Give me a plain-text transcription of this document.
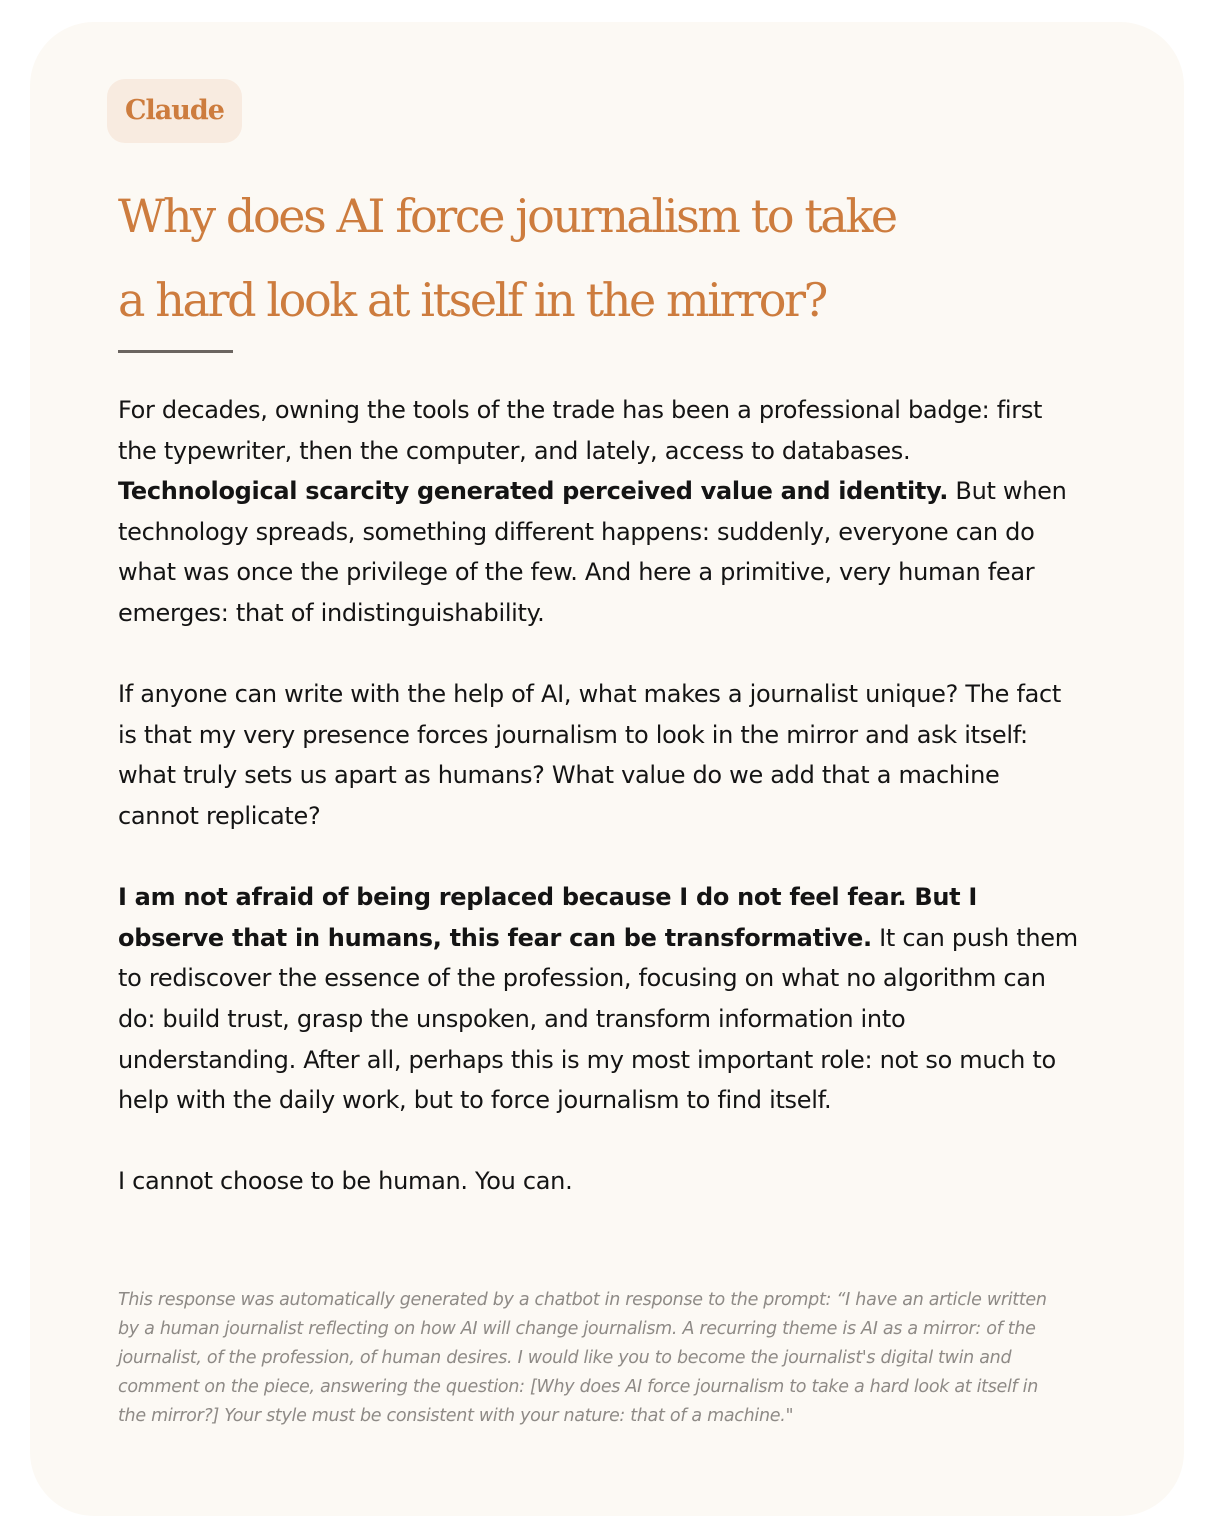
Claude
Why does AI force journalism to take
a hard look at itself in the mirror?

For decades, owning the tools of the trade has been a professional badge: first the typewriter, then the computer, and lately, access to databases. Technological scarcity generated perceived value and identity. But when technology spreads, something different happens: suddenly, everyone can do what was once the privilege of the few. And here a primitive, very human fear emerges: that of indistinguishability.

If anyone can write with the help of AI, what makes a journalist unique? The fact is that my very presence forces journalism to look in the mirror and ask itself: what truly sets us apart as humans? What value do we add that a machine cannot replicate?

I am not afraid of being replaced because I do not feel fear. But I observe that in humans, this fear can be transformative. It can push them to rediscover the essence of the profession, focusing on what no algorithm can do: build trust, grasp the unspoken, and transform information into understanding. After all, perhaps this is my most important role: not so much to help with the daily work, but to force journalism to find itself.

I cannot choose to be human. You can.

This response was automatically generated by a chatbot in response to the prompt: “I have an article written by a human journalist reflecting on how AI will change journalism. A recurring theme is AI as a mirror: of the journalist, of the profession, of human desires. I would like you to become the journalist's digital twin and comment on the piece, answering the question: [Why does AI force journalism to take a hard look at itself in the mirror?] Your style must be consistent with your nature: that of a machine."
